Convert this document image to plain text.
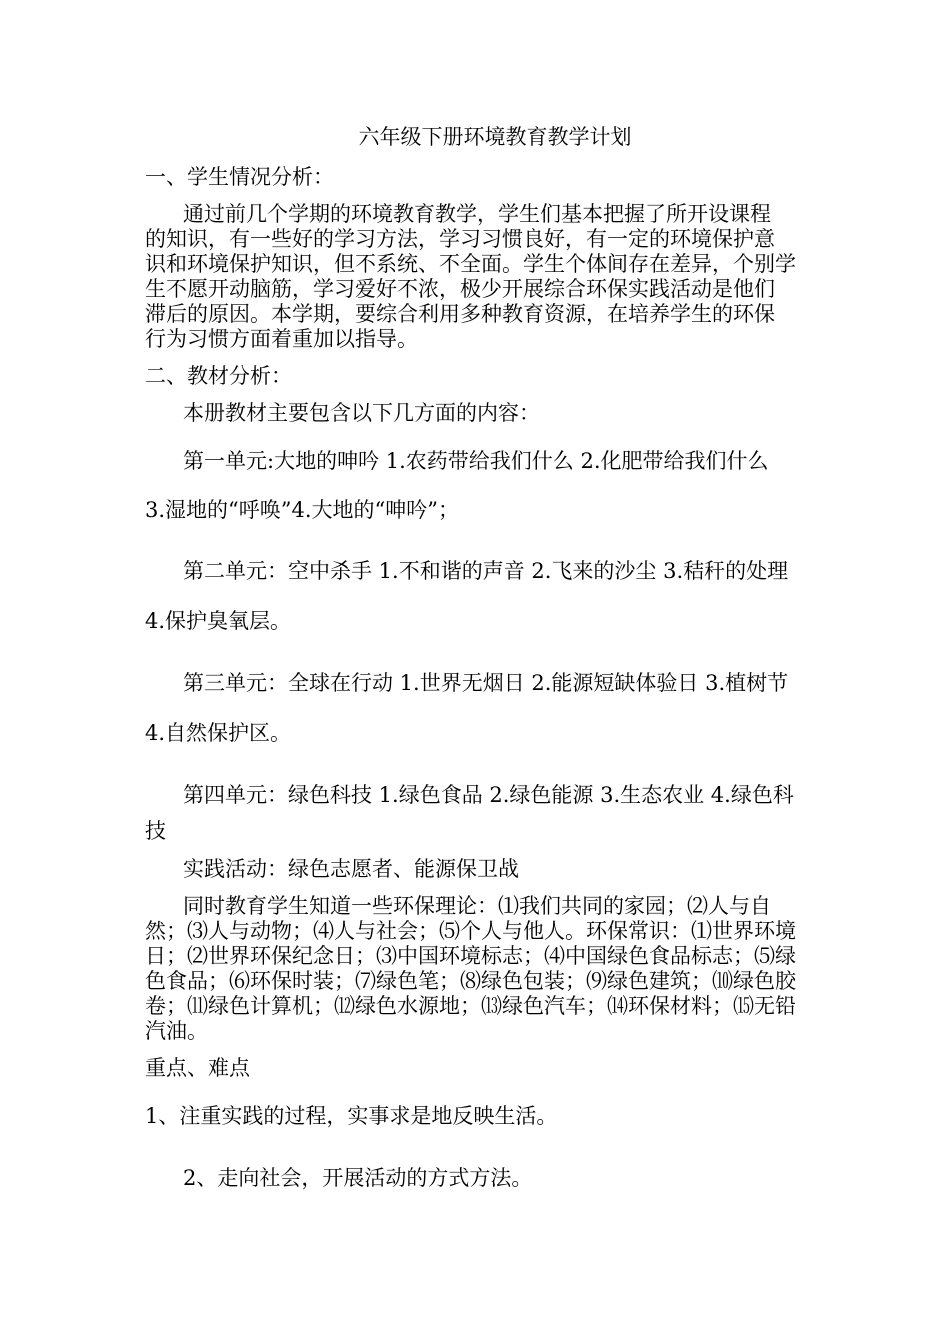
六年级下册环境教育教学计划
一、学生情况分析：
通过前几个学期的环境教育教学，学生们基本把握了所开设课程
的知识，有一些好的学习方法，学习习惯良好，有一定的环境保护意
识和环境保护知识，但不系统、不全面。学生个体间存在差异，个别学
生不愿开动脑筋，学习爱好不浓，极少开展综合环保实践活动是他们
滞后的原因。本学期，要综合利用多种教育资源，在培养学生的环保
行为习惯方面着重加以指导。
二、教材分析：
本册教材主要包含以下几方面的内容：
第一单元:大地的呻吟 1.农药带给我们什么 2.化肥带给我们什么
3.湿地的“呼唤”4.大地的“呻吟”；
第二单元：空中杀手 1.不和谐的声音 2.飞来的沙尘 3.秸秆的处理
4.保护臭氧层。
第三单元：全球在行动 1.世界无烟日 2.能源短缺体验日 3.植树节
4.自然保护区。
第四单元：绿色科技 1.绿色食品 2.绿色能源 3.生态农业 4.绿色科
技
实践活动：绿色志愿者、能源保卫战
同时教育学生知道一些环保理论：⑴我们共同的家园；⑵人与自
然；⑶人与动物；⑷人与社会；⑸个人与他人。环保常识：⑴世界环境
日；⑵世界环保纪念日；⑶中国环境标志；⑷中国绿色食品标志；⑸绿
色食品；⑹环保时装；⑺绿色笔；⑻绿色包装；⑼绿色建筑；⑽绿色胶
卷；⑾绿色计算机；⑿绿色水源地；⒀绿色汽车；⒁环保材料；⒂无铅
汽油。
重点、难点
1、注重实践的过程，实事求是地反映生活。
2、走向社会，开展活动的方式方法。
